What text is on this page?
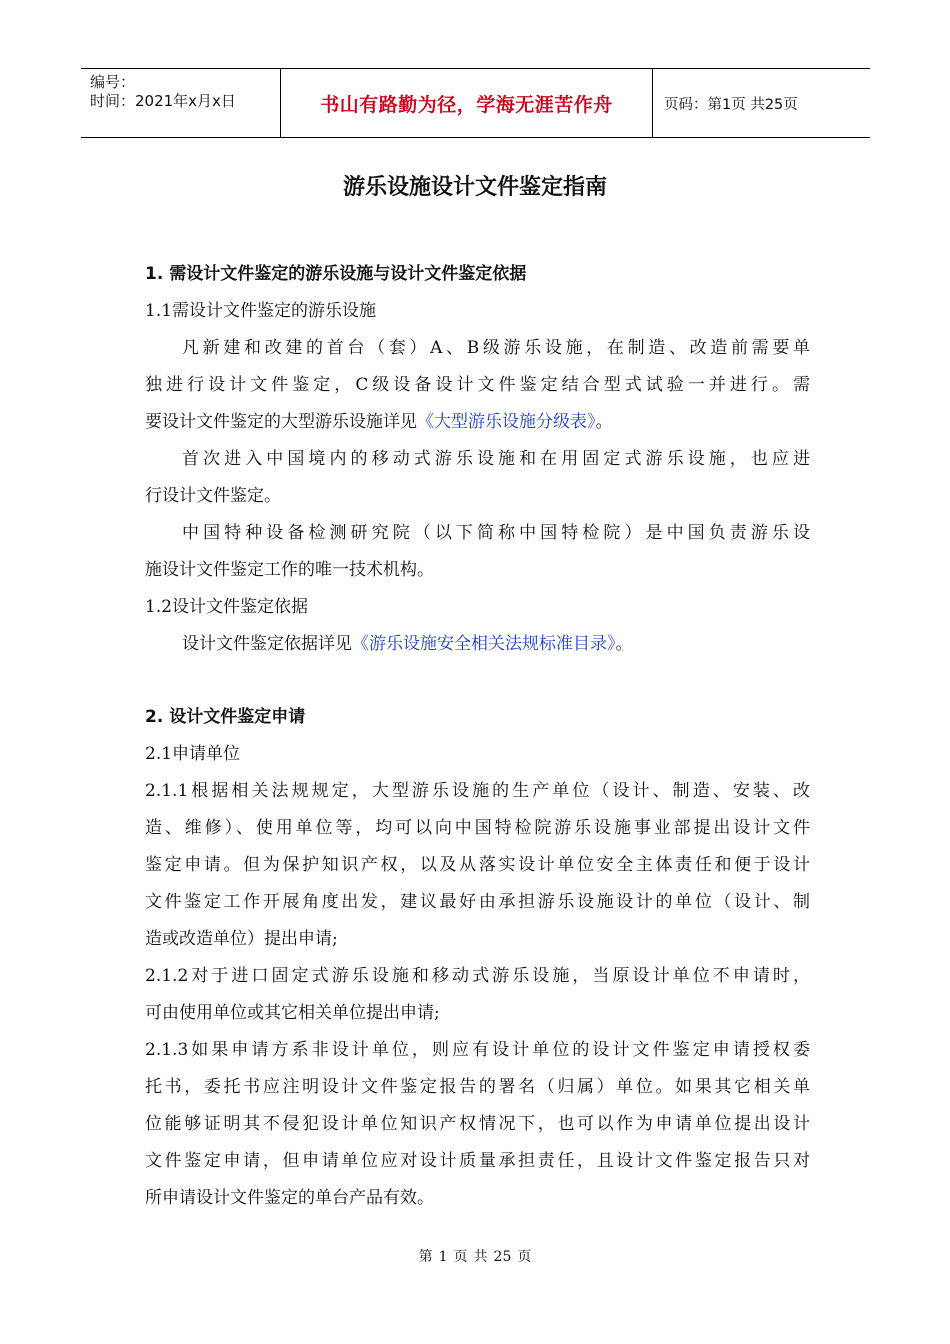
编号：
时间：2021年x月x日	书山有路勤为径，学海无涯苦作舟	页码：第1页 共25页
游乐设施设计文件鉴定指南
1. 需设计文件鉴定的游乐设施与设计文件鉴定依据
1.1需设计文件鉴定的游乐设施
凡新建和改建的首台（套）A、B级游乐设施，在制造、改造前需要单
独进行设计文件鉴定，C级设备设计文件鉴定结合型式试验一并进行。需
要设计文件鉴定的大型游乐设施详见《大型游乐设施分级表》。
首次进入中国境内的移动式游乐设施和在用固定式游乐设施，也应进
行设计文件鉴定。
中国特种设备检测研究院（以下简称中国特检院）是中国负责游乐设
施设计文件鉴定工作的唯一技术机构。
1.2设计文件鉴定依据
设计文件鉴定依据详见《游乐设施安全相关法规标准目录》。
2. 设计文件鉴定申请
2.1申请单位
2.1.1根据相关法规规定，大型游乐设施的生产单位（设计、制造、安装、改
造、维修）、使用单位等，均可以向中国特检院游乐设施事业部提出设计文件
鉴定申请。但为保护知识产权，以及从落实设计单位安全主体责任和便于设计
文件鉴定工作开展角度出发，建议最好由承担游乐设施设计的单位（设计、制
造或改造单位）提出申请;
2.1.2对于进口固定式游乐设施和移动式游乐设施，当原设计单位不申请时，
可由使用单位或其它相关单位提出申请;
2.1.3如果申请方系非设计单位，则应有设计单位的设计文件鉴定申请授权委
托书，委托书应注明设计文件鉴定报告的署名（归属）单位。如果其它相关单
位能够证明其不侵犯设计单位知识产权情况下，也可以作为申请单位提出设计
文件鉴定申请，但申请单位应对设计质量承担责任，且设计文件鉴定报告只对
所申请设计文件鉴定的单台产品有效。
第 1 页 共 25 页
